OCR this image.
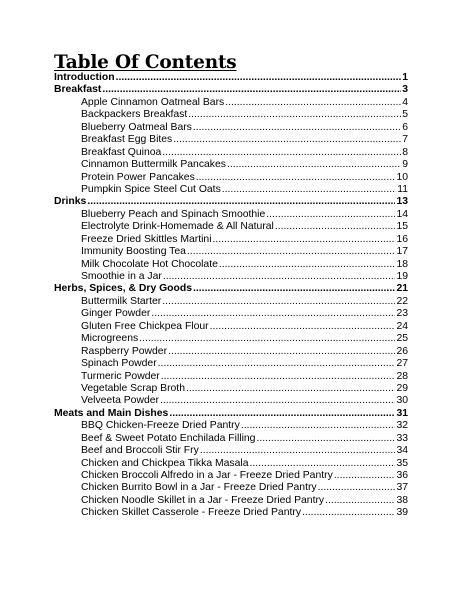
Table Of Contents
Introduction .....	1
Breakfast .....	3
Apple Cinnamon Oatmeal Bars .....	4
Backpackers Breakfast .....	5
Blueberry Oatmeal Bars .....	6
Breakfast Egg Bites .....	7
Breakfast Quinoa .....	8
Cinnamon Buttermilk Pancakes .....	9
Protein Power Pancakes .....	10
Pumpkin Spice Steel Cut Oats .....	11
Drinks .....	13
Blueberry Peach and Spinach Smoothie .....	14
Electrolyte Drink-Homemade & All Natural .....	15
Freeze Dried Skittles Martini .....	16
Immunity Boosting Tea .....	17
Milk Chocolate Hot Chocolate .....	18
Smoothie in a Jar .....	19
Herbs, Spices, & Dry Goods .....	21
Buttermilk Starter .....	22
Ginger Powder .....	23
Gluten Free Chickpea Flour .....	24
Microgreens .....	25
Raspberry Powder .....	26
Spinach Powder .....	27
Turmeric Powder .....	28
Vegetable Scrap Broth .....	29
Velveeta Powder .....	30
Meats and Main Dishes .....	31
BBQ Chicken-Freeze Dried Pantry .....	32
Beef & Sweet Potato Enchilada Filling .....	33
Beef and Broccoli Stir Fry .....	34
Chicken and Chickpea Tikka Masala .....	35
Chicken Broccoli Alfredo in a Jar - Freeze Dried Pantry .....	36
Chicken Burrito Bowl in a Jar - Freeze Dried Pantry .....	37
Chicken Noodle Skillet in a Jar - Freeze Dried Pantry .....	38
Chicken Skillet Casserole - Freeze Dried Pantry .....	39
